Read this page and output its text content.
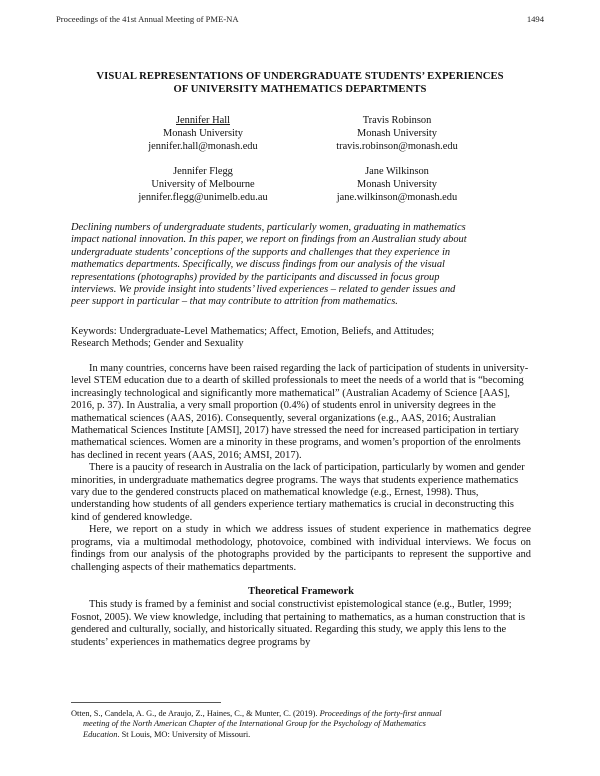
Proceedings of the 41st Annual Meeting of PME-NA	1494
VISUAL REPRESENTATIONS OF UNDERGRADUATE STUDENTS’ EXPERIENCES
OF UNIVERSITY MATHEMATICS DEPARTMENTS
Jennifer Hall
Monash University
jennifer.hall@monash.edu
Travis Robinson
Monash University
travis.robinson@monash.edu
Jennifer Flegg
University of Melbourne
jennifer.flegg@unimelb.edu.au
Jane Wilkinson
Monash University
jane.wilkinson@monash.edu
Declining numbers of undergraduate students, particularly women, graduating in mathematics
impact national innovation. In this paper, we report on findings from an Australian study about
undergraduate students’ conceptions of the supports and challenges that they experience in
mathematics departments. Specifically, we discuss findings from our analysis of the visual
representations (photographs) provided by the participants and discussed in focus group
interviews. We provide insight into students’ lived experiences – related to gender issues and
peer support in particular – that may contribute to attrition from mathematics.
Keywords: Undergraduate-Level Mathematics; Affect, Emotion, Beliefs, and Attitudes;
Research Methods; Gender and Sexuality

In many countries, concerns have been raised regarding the lack of participation of students in university-level STEM education due to a dearth of skilled professionals to meet the needs of a world that is “becoming increasingly technological and significantly more mathematical” (Australian Academy of Science [AAS], 2016, p. 37). In Australia, a very small proportion (0.4%) of students enrol in university degrees in the mathematical sciences (AAS, 2016). Consequently, several organizations (e.g., AAS, 2016; Australian Mathematical Sciences Institute [AMSI], 2017) have stressed the need for increased participation in tertiary mathematical sciences. Women are a minority in these programs, and women’s proportion of the enrolments has declined in recent years (AAS, 2016; AMSI, 2017).

There is a paucity of research in Australia on the lack of participation, particularly by women and gender minorities, in undergraduate mathematics degree programs. The ways that students experience mathematics vary due to the gendered constructs placed on mathematical knowledge (e.g., Ernest, 1998). Thus, understanding how students of all genders experience tertiary mathematics is crucial in deconstructing this kind of gendered knowledge.

Here, we report on a study in which we address issues of student experience in mathematics degree programs, via a multimodal methodology, photovoice, combined with individual interviews. We focus on findings from our analysis of the photographs provided by the participants to represent the supportive and challenging aspects of their mathematics departments.

Theoretical Framework

This study is framed by a feminist and social constructivist epistemological stance (e.g., Butler, 1999; Fosnot, 2005). We view knowledge, including that pertaining to mathematics, as a human construction that is gendered and culturally, socially, and historically situated. Regarding this study, we apply this lens to the students’ experiences in mathematics degree programs by

Otten, S., Candela, A. G., de Araujo, Z., Haines, C., & Munter, C. (2019). Proceedings of the forty-first annual
meeting of the North American Chapter of the International Group for the Psychology of Mathematics
Education. St Louis, MO: University of Missouri.
